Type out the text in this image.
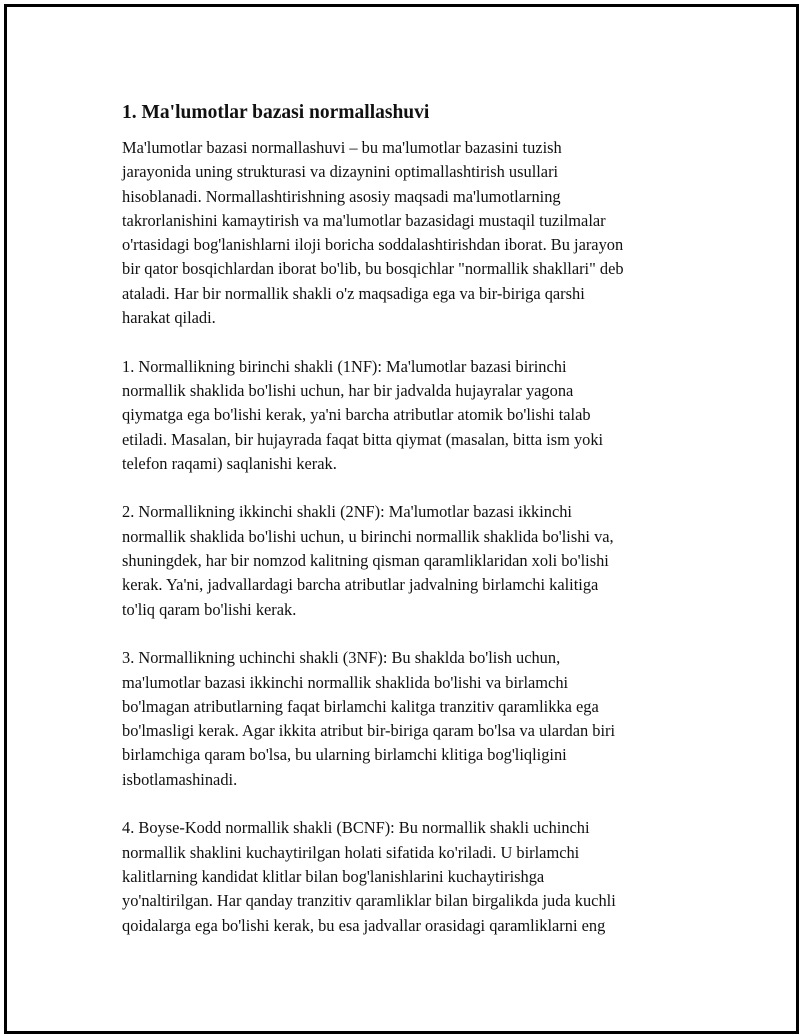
1. Ma'lumotlar bazasi normallashuvi
Ma'lumotlar bazasi normallashuvi – bu ma'lumotlar bazasini tuzish
jarayonida uning strukturasi va dizaynini optimallashtirish usullari
hisoblanadi. Normallashtirishning asosiy maqsadi ma'lumotlarning
takrorlanishini kamaytirish va ma'lumotlar bazasidagi mustaqil tuzilmalar
o'rtasidagi bog'lanishlarni iloji boricha soddalashtirishdan iborat. Bu jarayon
bir qator bosqichlardan iborat bo'lib, bu bosqichlar "normallik shakllari" deb
ataladi. Har bir normallik shakli o'z maqsadiga ega va bir-biriga qarshi
harakat qiladi.
1. Normallikning birinchi shakli (1NF): Ma'lumotlar bazasi birinchi
normallik shaklida bo'lishi uchun, har bir jadvalda hujayralar yagona
qiymatga ega bo'lishi kerak, ya'ni barcha atributlar atomik bo'lishi talab
etiladi. Masalan, bir hujayrada faqat bitta qiymat (masalan, bitta ism yoki
telefon raqami) saqlanishi kerak.
2. Normallikning ikkinchi shakli (2NF): Ma'lumotlar bazasi ikkinchi
normallik shaklida bo'lishi uchun, u birinchi normallik shaklida bo'lishi va,
shuningdek, har bir nomzod kalitning qisman qaramliklaridan xoli bo'lishi
kerak. Ya'ni, jadvallardagi barcha atributlar jadvalning birlamchi kalitiga
to'liq qaram bo'lishi kerak.
3. Normallikning uchinchi shakli (3NF): Bu shaklda bo'lish uchun,
ma'lumotlar bazasi ikkinchi normallik shaklida bo'lishi va birlamchi
bo'lmagan atributlarning faqat birlamchi kalitga tranzitiv qaramlikka ega
bo'lmasligi kerak. Agar ikkita atribut bir-biriga qaram bo'lsa va ulardan biri
birlamchiga qaram bo'lsa, bu ularning birlamchi klitiga bog'liqligini
isbotlamashinadi.
4. Boyse-Kodd normallik shakli (BCNF): Bu normallik shakli uchinchi
normallik shaklini kuchaytirilgan holati sifatida ko'riladi. U birlamchi
kalitlarning kandidat klitlar bilan bog'lanishlarini kuchaytirishga
yo'naltirilgan. Har qanday tranzitiv qaramliklar bilan birgalikda juda kuchli
qoidalarga ega bo'lishi kerak, bu esa jadvallar orasidagi qaramliklarni eng
